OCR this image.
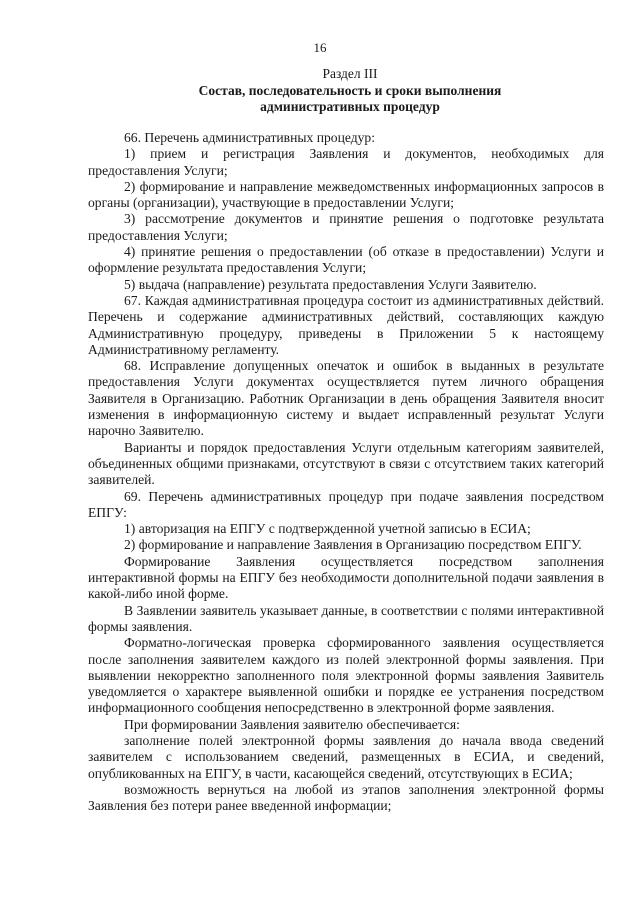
16
Раздел III
Состав, последовательность и сроки выполнения
административных процедур

66. Перечень административных процедур:

1) прием и регистрация Заявления и документов, необходимых для предоставления Услуги;

2) формирование и направление межведомственных информационных запросов в органы (организации), участвующие в предоставлении Услуги;

3) рассмотрение документов и принятие решения о подготовке результата предоставления Услуги;

4) принятие решения о предоставлении (об отказе в предоставлении) Услуги и оформление результата предоставления Услуги;

5) выдача (направление) результата предоставления Услуги Заявителю.

67. Каждая административная процедура состоит из административных действий. Перечень и содержание административных действий, составляющих каждую Административную процедуру, приведены в Приложении 5 к настоящему Административному регламенту.

68. Исправление допущенных опечаток и ошибок в выданных в результате предоставления Услуги документах осуществляется путем личного обращения Заявителя в Организацию. Работник Организации в день обращения Заявителя вносит изменения в информационную систему и выдает исправленный результат Услуги нарочно Заявителю.

Варианты и порядок предоставления Услуги отдельным категориям заявителей, объединенных общими признаками, отсутствуют в связи с отсутствием таких категорий заявителей.

69. Перечень административных процедур при подаче заявления посредством ЕПГУ:

1) авторизация на ЕПГУ с подтвержденной учетной записью в ЕСИА;

2) формирование и направление Заявления в Организацию посредством ЕПГУ.

Формирование Заявления осуществляется посредством заполнения интерактивной формы на ЕПГУ без необходимости дополнительной подачи заявления в какой-либо иной форме.

В Заявлении заявитель указывает данные, в соответствии с полями интерактивной формы заявления.

Форматно-логическая проверка сформированного заявления осуществляется после заполнения заявителем каждого из полей электронной формы заявления. При выявлении некорректно заполненного поля электронной формы заявления Заявитель уведомляется о характере выявленной ошибки и порядке ее устранения посредством информационного сообщения непосредственно в электронной форме заявления.

При формировании Заявления заявителю обеспечивается:

заполнение полей электронной формы заявления до начала ввода сведений заявителем с использованием сведений, размещенных в ЕСИА, и сведений, опубликованных на ЕПГУ, в части, касающейся сведений, отсутствующих в ЕСИА;

возможность вернуться на любой из этапов заполнения электронной формы Заявления без потери ранее введенной информации;
